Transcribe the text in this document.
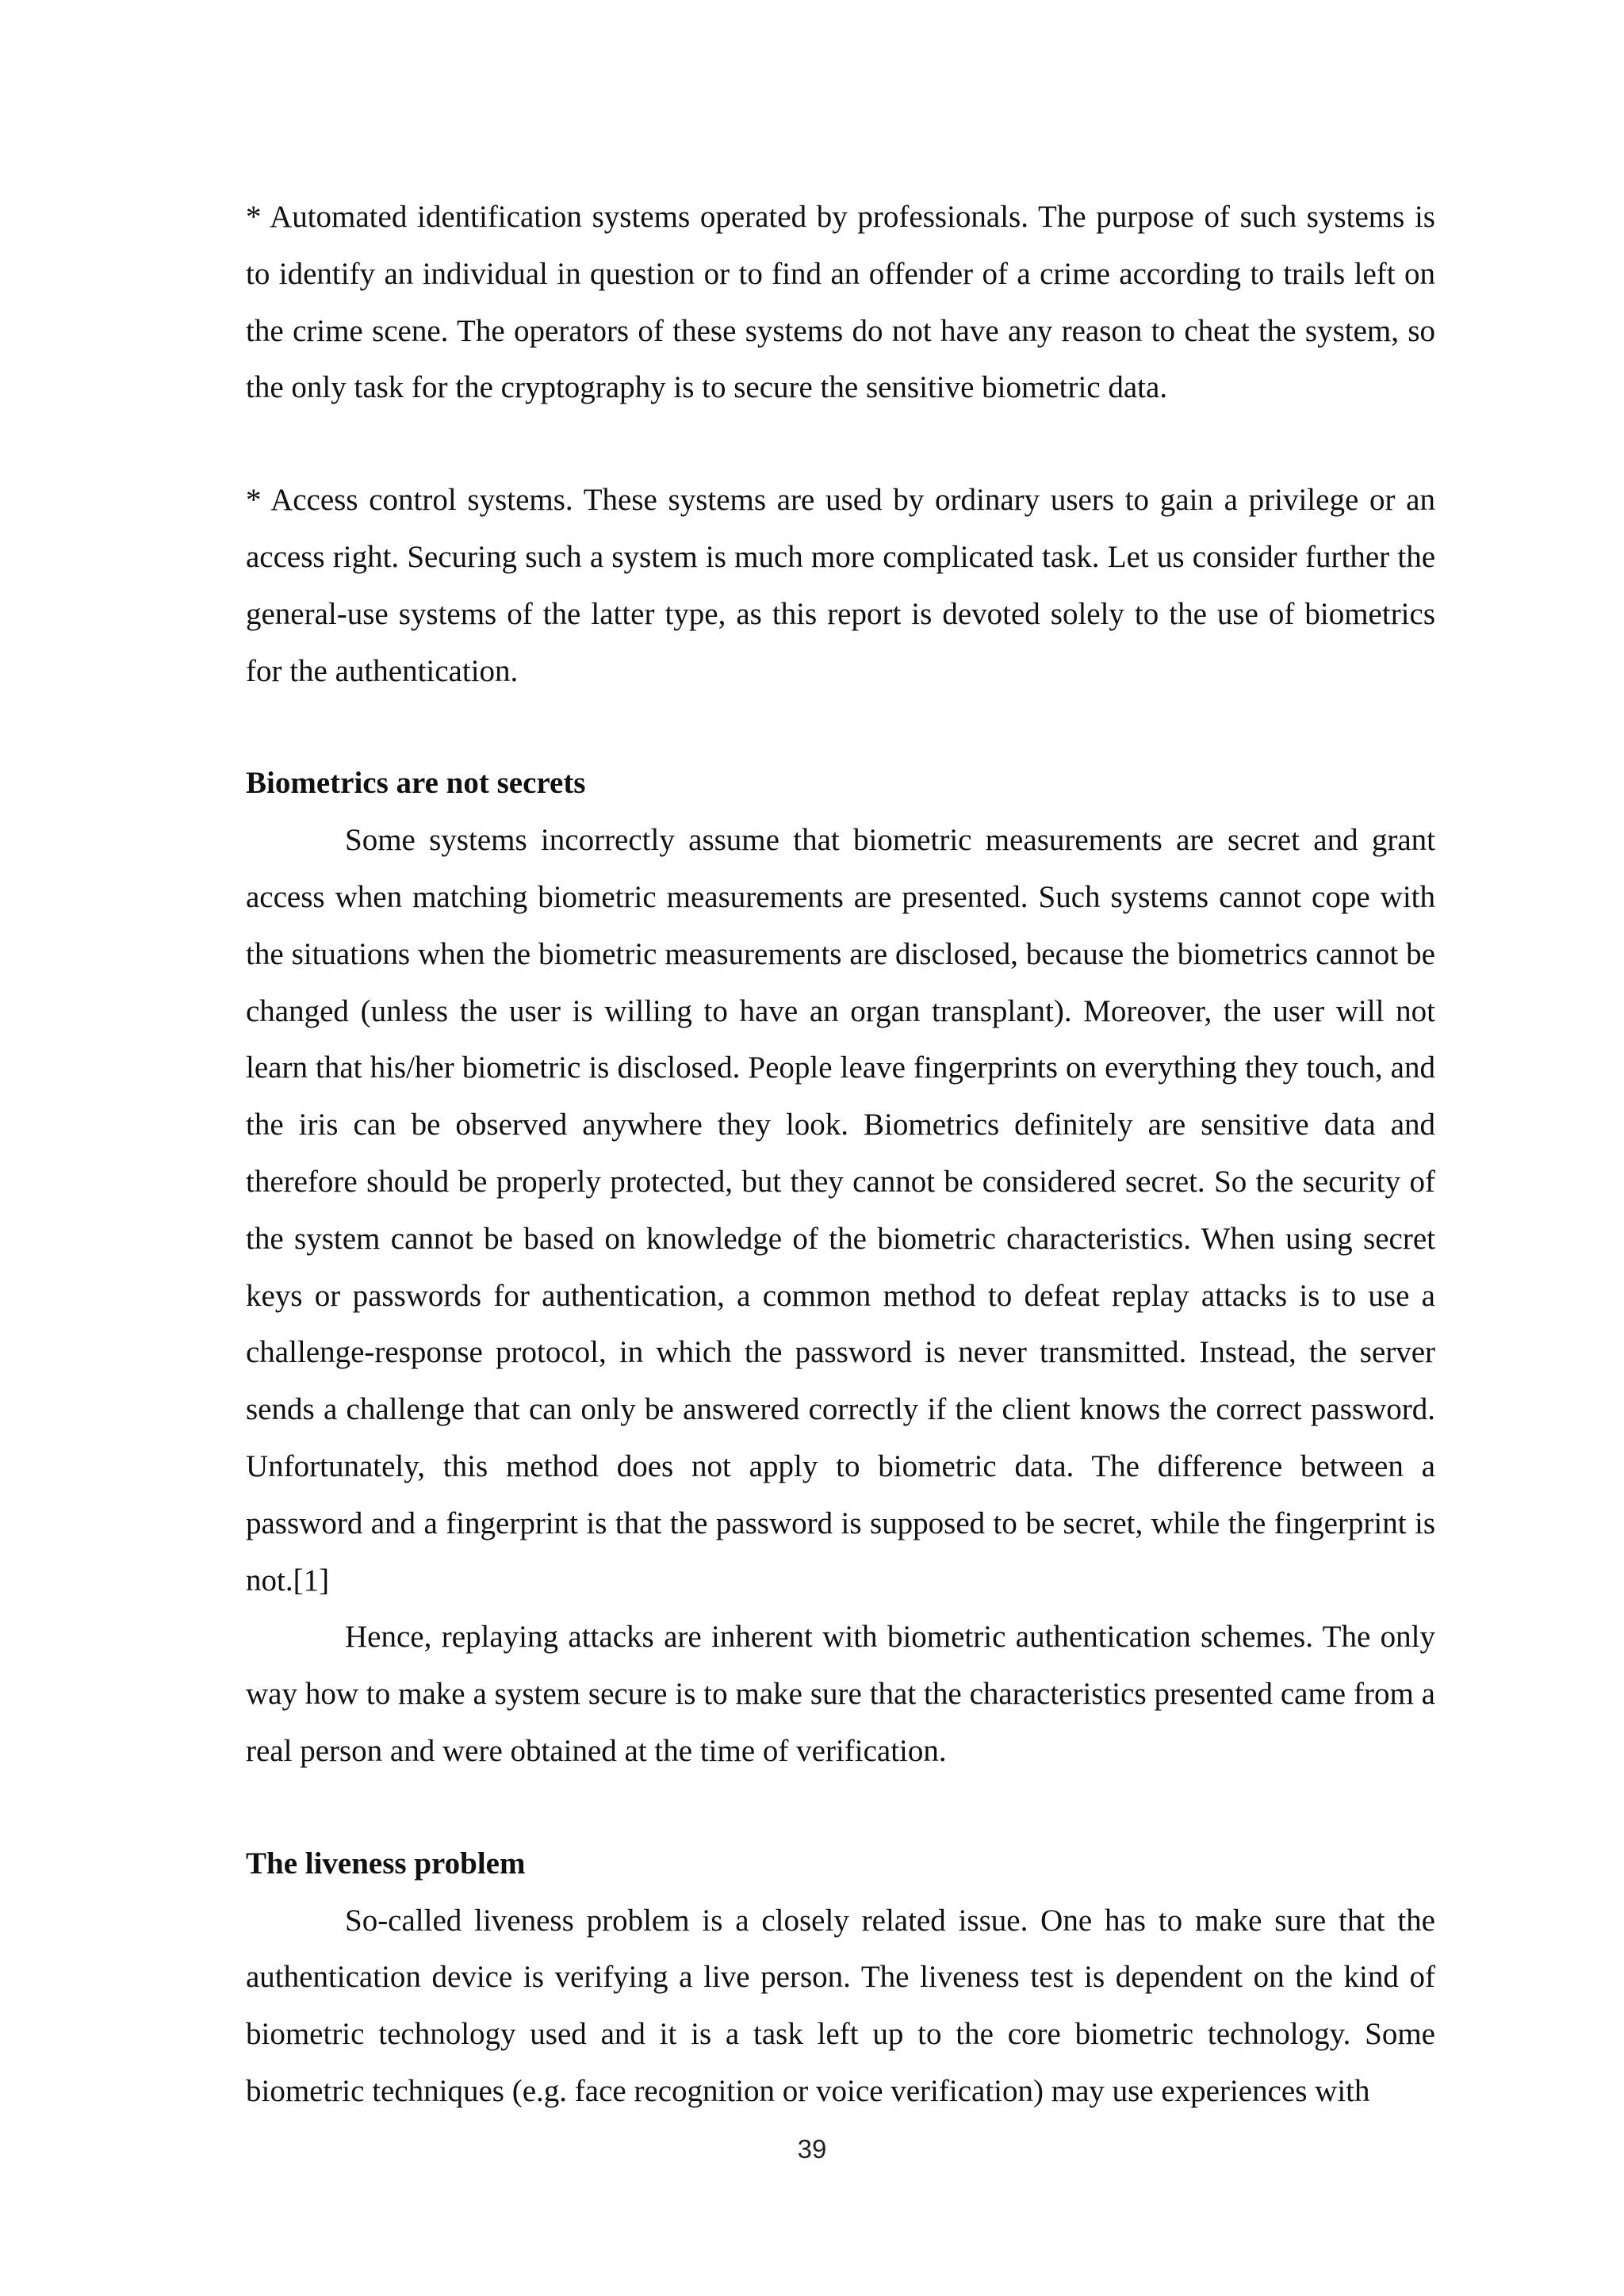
* Automated identification systems operated by professionals. The purpose of such systems is to identify an individual in question or to find an offender of a crime according to trails left on the crime scene. The operators of these systems do not have any reason to cheat the system, so the only task for the cryptography is to secure the sensitive biometric data.

* Access control systems. These systems are used by ordinary users to gain a privilege or an access right. Securing such a system is much more complicated task. Let us consider further the general-use systems of the latter type, as this report is devoted solely to the use of biometrics for the authentication.

Biometrics are not secrets

Some systems incorrectly assume that biometric measurements are secret and grant access when matching biometric measurements are presented. Such systems cannot cope with the situations when the biometric measurements are disclosed, because the biometrics cannot be changed (unless the user is willing to have an organ transplant). Moreover, the user will not learn that his/her biometric is disclosed. People leave fingerprints on everything they touch, and the iris can be observed anywhere they look. Biometrics definitely are sensitive data and therefore should be properly protected, but they cannot be considered secret. So the security of the system cannot be based on knowledge of the biometric characteristics. When using secret keys or passwords for authentication, a common method to defeat replay attacks is to use a challenge-response protocol, in which the password is never transmitted. Instead, the server sends a challenge that can only be answered correctly if the client knows the correct password. Unfortunately, this method does not apply to biometric data. The difference between a password and a fingerprint is that the password is supposed to be secret, while the fingerprint is not.[1]

Hence, replaying attacks are inherent with biometric authentication schemes. The only way how to make a system secure is to make sure that the characteristics presented came from a real person and were obtained at the time of verification.

The liveness problem

So-called liveness problem is a closely related issue. One has to make sure that the authentication device is verifying a live person. The liveness test is dependent on the kind of biometric technology used and it is a task left up to the core biometric technology. Some biometric techniques (e.g. face recognition or voice verification) may use experiences with

39
